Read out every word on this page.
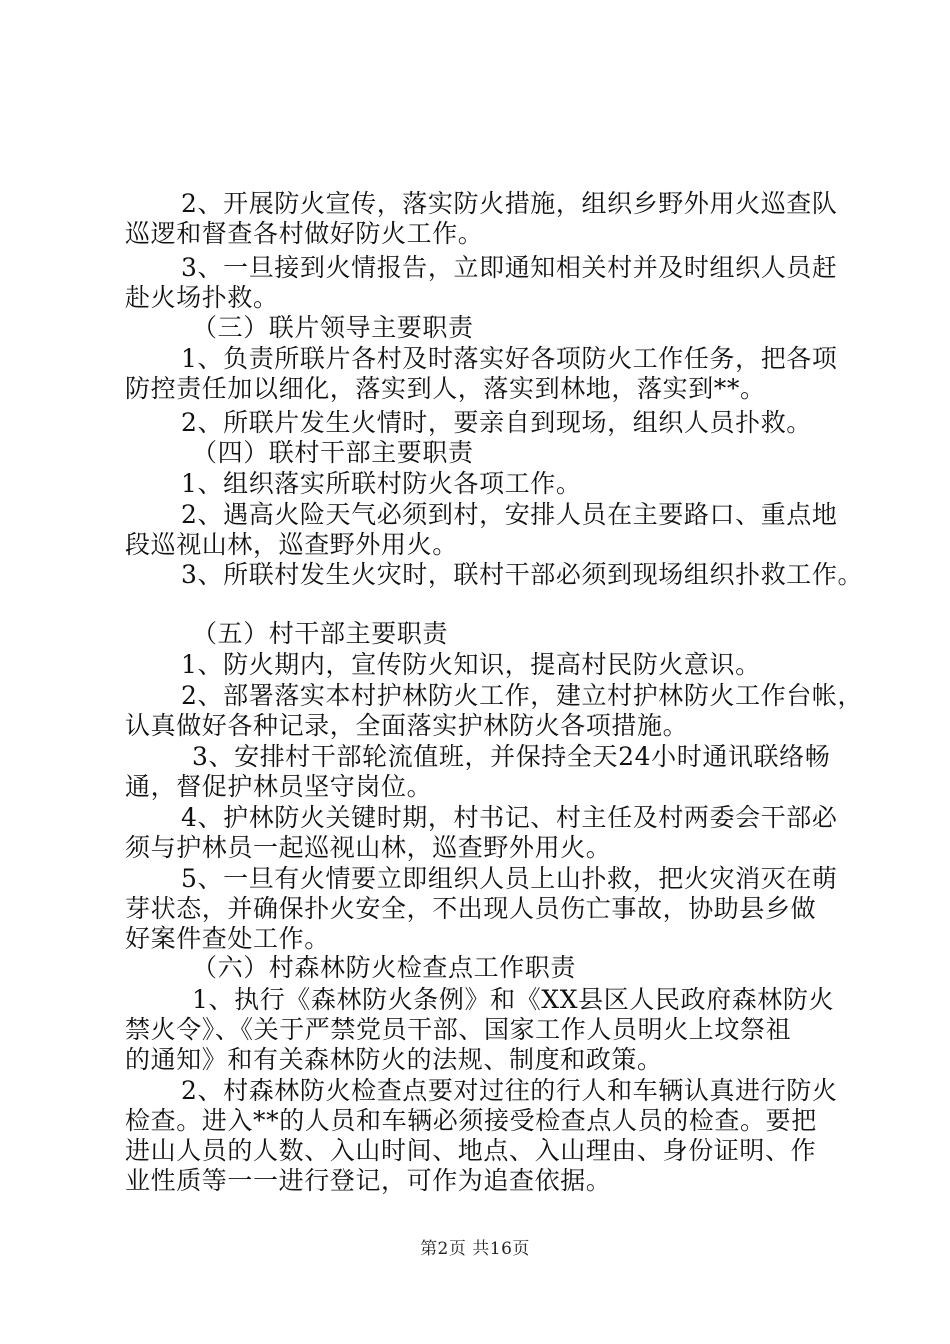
2、开展防火宣传，落实防火措施，组织乡野外用火巡查队
巡逻和督查各村做好防火工作。
3、一旦接到火情报告，立即通知相关村并及时组织人员赶
赴火场扑救。
（三）联片领导主要职责
1、负责所联片各村及时落实好各项防火工作任务，把各项
防控责任加以细化，落实到人，落实到林地，落实到**。
2、所联片发生火情时，要亲自到现场，组织人员扑救。
（四）联村干部主要职责
1、组织落实所联村防火各项工作。
2、遇高火险天气必须到村，安排人员在主要路口、重点地
段巡视山林，巡查野外用火。
3、所联村发生火灾时，联村干部必须到现场组织扑救工作。
（五）村干部主要职责
1、防火期内，宣传防火知识，提高村民防火意识。
2、部署落实本村护林防火工作，建立村护林防火工作台帐，
认真做好各种记录，全面落实护林防火各项措施。
3、安排村干部轮流值班，并保持全天24小时通讯联络畅
通，督促护林员坚守岗位。
4、护林防火关键时期，村书记、村主任及村两委会干部必
须与护林员一起巡视山林，巡查野外用火。
5、一旦有火情要立即组织人员上山扑救，把火灾消灭在萌
芽状态，并确保扑火安全，不出现人员伤亡事故，协助县乡做
好案件查处工作。
（六）村森林防火检查点工作职责
1、执行《森林防火条例》和《XX县区人民政府森林防火
禁火令》、《关于严禁党员干部、国家工作人员明火上坟祭祖
的通知》和有关森林防火的法规、制度和政策。
2、村森林防火检查点要对过往的行人和车辆认真进行防火
检查。进入**的人员和车辆必须接受检查点人员的检查。要把
进山人员的人数、入山时间、地点、入山理由、身份证明、作
业性质等一一进行登记，可作为追查依据。
第2页 共16页
